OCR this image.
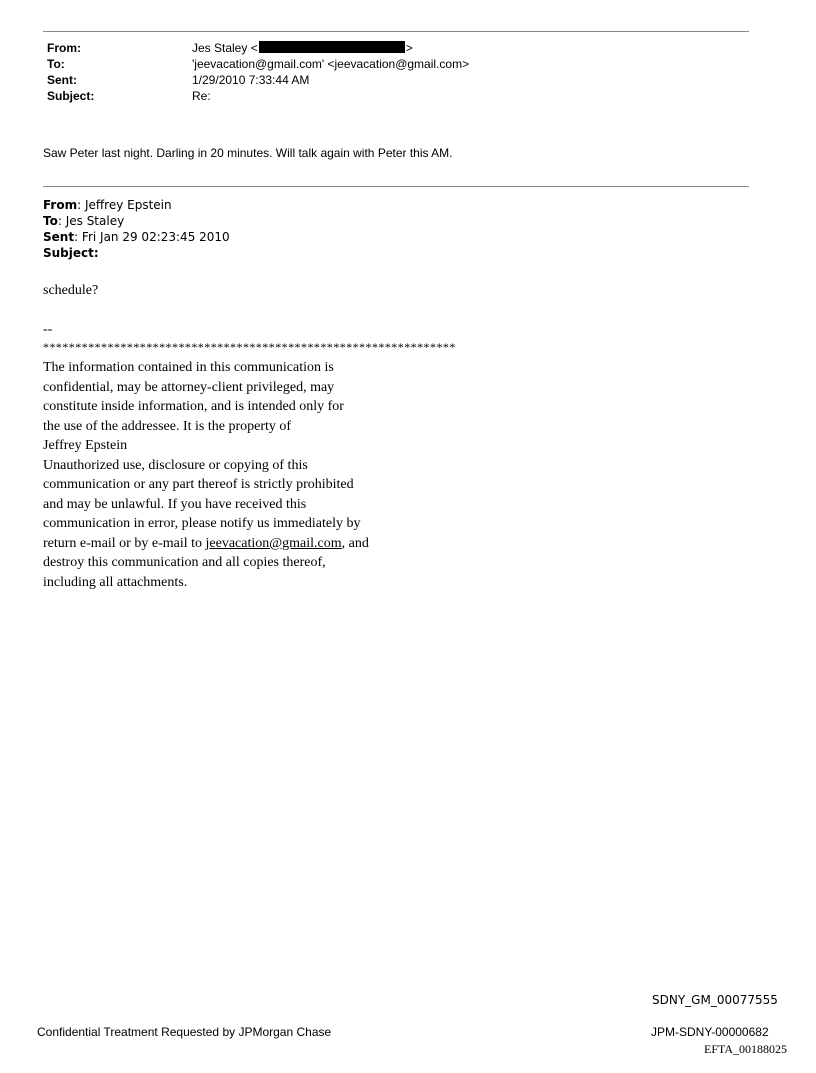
From:	Jes Staley <	>
To:	'jeevacation@gmail.com' <jeevacation@gmail.com>
Sent:	1/29/2010 7:33:44 AM
Subject:	Re:
Saw Peter last night. Darling in 20 minutes. Will talk again with Peter this AM.
From: Jeffrey Epstein
To: Jes Staley
Sent: Fri Jan 29 02:23:45 2010
Subject:
schedule?
--
****************************************************************
The information contained in this communication is
confidential, may be attorney-client privileged, may
constitute inside information, and is intended only for
the use of the addressee. It is the property of
Jeffrey Epstein
Unauthorized use, disclosure or copying of this
communication or any part thereof is strictly prohibited
and may be unlawful. If you have received this
communication in error, please notify us immediately by
return e-mail or by e-mail to jeevacation@gmail.com, and
destroy this communication and all copies thereof,
including all attachments.
SDNY_GM_00077555
Confidential Treatment Requested by JPMorgan Chase	JPM-SDNY-00000682
EFTA_00188025
